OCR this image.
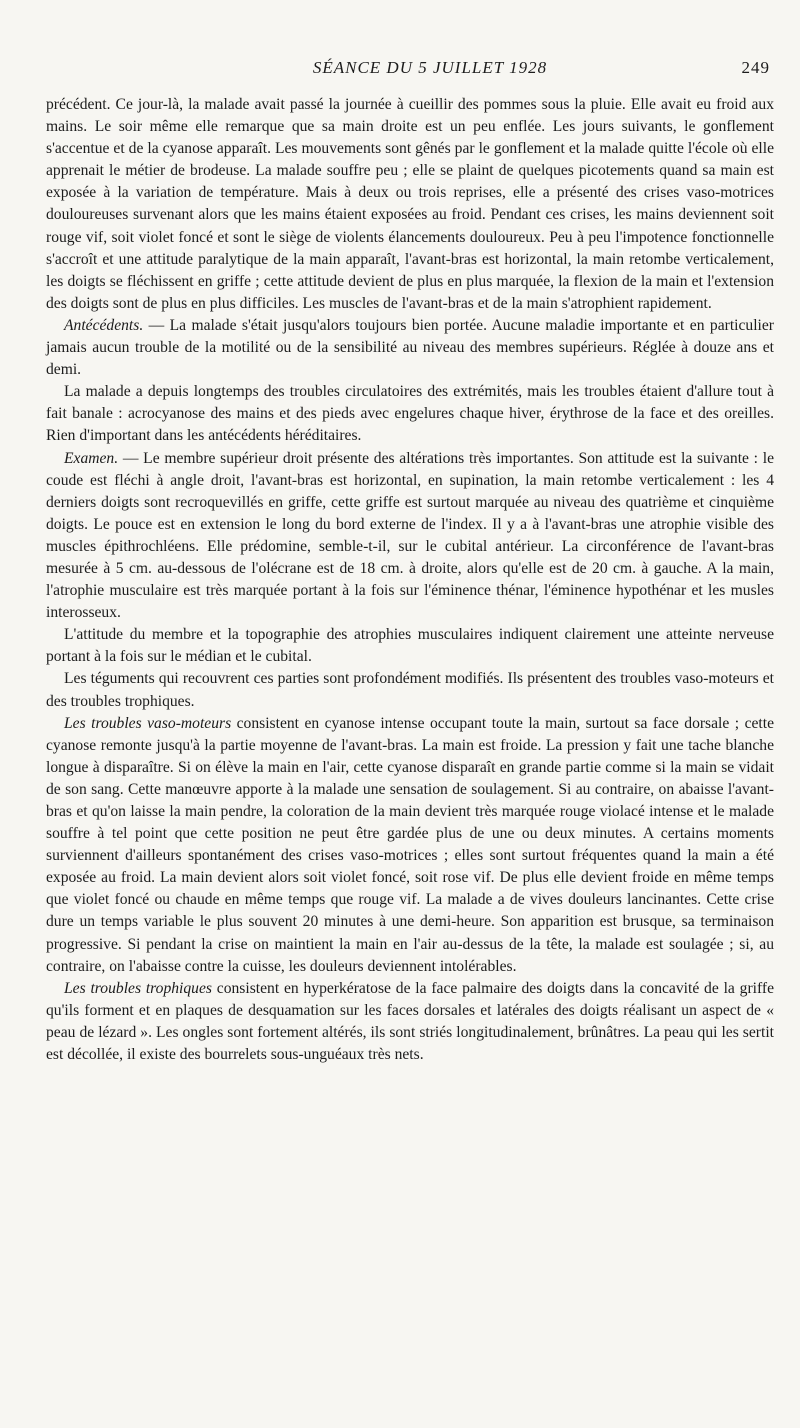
SÉANCE DU 5 JUILLET 1928	249

précédent. Ce jour-là, la malade avait passé la journée à cueillir des pommes sous la pluie. Elle avait eu froid aux mains. Le soir même elle remarque que sa main droite est un peu enflée. Les jours suivants, le gonflement s'accentue et de la cyanose apparaît. Les mouvements sont gênés par le gonflement et la malade quitte l'école où elle apprenait le métier de brodeuse. La malade souffre peu ; elle se plaint de quelques picotements quand sa main est exposée à la variation de température. Mais à deux ou trois reprises, elle a présenté des crises vaso-motrices douloureuses survenant alors que les mains étaient exposées au froid. Pendant ces crises, les mains deviennent soit rouge vif, soit violet foncé et sont le siège de violents élancements douloureux. Peu à peu l'impotence fonctionnelle s'accroît et une attitude paralytique de la main apparaît, l'avant-bras est horizontal, la main retombe verticalement, les doigts se fléchissent en griffe ; cette attitude devient de plus en plus marquée, la flexion de la main et l'extension des doigts sont de plus en plus difficiles. Les muscles de l'avant-bras et de la main s'atrophient rapidement.

Antécédents. — La malade s'était jusqu'alors toujours bien portée. Aucune maladie importante et en particulier jamais aucun trouble de la motilité ou de la sensibilité au niveau des membres supérieurs. Réglée à douze ans et demi.

La malade a depuis longtemps des troubles circulatoires des extrémités, mais les troubles étaient d'allure tout à fait banale : acrocyanose des mains et des pieds avec engelures chaque hiver, érythrose de la face et des oreilles. Rien d'important dans les antécédents héréditaires.

Examen. — Le membre supérieur droit présente des altérations très importantes. Son attitude est la suivante : le coude est fléchi à angle droit, l'avant-bras est horizontal, en supination, la main retombe verticalement : les 4 derniers doigts sont recroquevillés en griffe, cette griffe est surtout marquée au niveau des quatrième et cinquième doigts. Le pouce est en extension le long du bord externe de l'index. Il y a à l'avant-bras une atrophie visible des muscles épithrochléens. Elle prédomine, semble-t-il, sur le cubital antérieur. La circonférence de l'avant-bras mesurée à 5 cm. au-dessous de l'olécrane est de 18 cm. à droite, alors qu'elle est de 20 cm. à gauche. A la main, l'atrophie musculaire est très marquée portant à la fois sur l'éminence thénar, l'éminence hypothénar et les musles interosseux.

L'attitude du membre et la topographie des atrophies musculaires indiquent clairement une atteinte nerveuse portant à la fois sur le médian et le cubital.

Les téguments qui recouvrent ces parties sont profondément modifiés. Ils présentent des troubles vaso-moteurs et des troubles trophiques.

Les troubles vaso-moteurs consistent en cyanose intense occupant toute la main, surtout sa face dorsale ; cette cyanose remonte jusqu'à la partie moyenne de l'avant-bras. La main est froide. La pression y fait une tache blanche longue à disparaître. Si on élève la main en l'air, cette cyanose disparaît en grande partie comme si la main se vidait de son sang. Cette manœuvre apporte à la malade une sensation de soulagement. Si au contraire, on abaisse l'avant-bras et qu'on laisse la main pendre, la coloration de la main devient très marquée rouge violacé intense et le malade souffre à tel point que cette position ne peut être gardée plus de une ou deux minutes. A certains moments surviennent d'ailleurs spontanément des crises vaso-motrices ; elles sont surtout fréquentes quand la main a été exposée au froid. La main devient alors soit violet foncé, soit rose vif. De plus elle devient froide en même temps que violet foncé ou chaude en même temps que rouge vif. La malade a de vives douleurs lancinantes. Cette crise dure un temps variable le plus souvent 20 minutes à une demi-heure. Son apparition est brusque, sa terminaison progressive. Si pendant la crise on maintient la main en l'air au-dessus de la tête, la malade est soulagée ; si, au contraire, on l'abaisse contre la cuisse, les douleurs deviennent intolérables.

Les troubles trophiques consistent en hyperkératose de la face palmaire des doigts dans la concavité de la griffe qu'ils forment et en plaques de desquamation sur les faces dorsales et latérales des doigts réalisant un aspect de « peau de lézard ». Les ongles sont fortement altérés, ils sont striés longitudinalement, brûnâtres. La peau qui les sertit est décollée, il existe des bourrelets sous-unguéaux très nets.
